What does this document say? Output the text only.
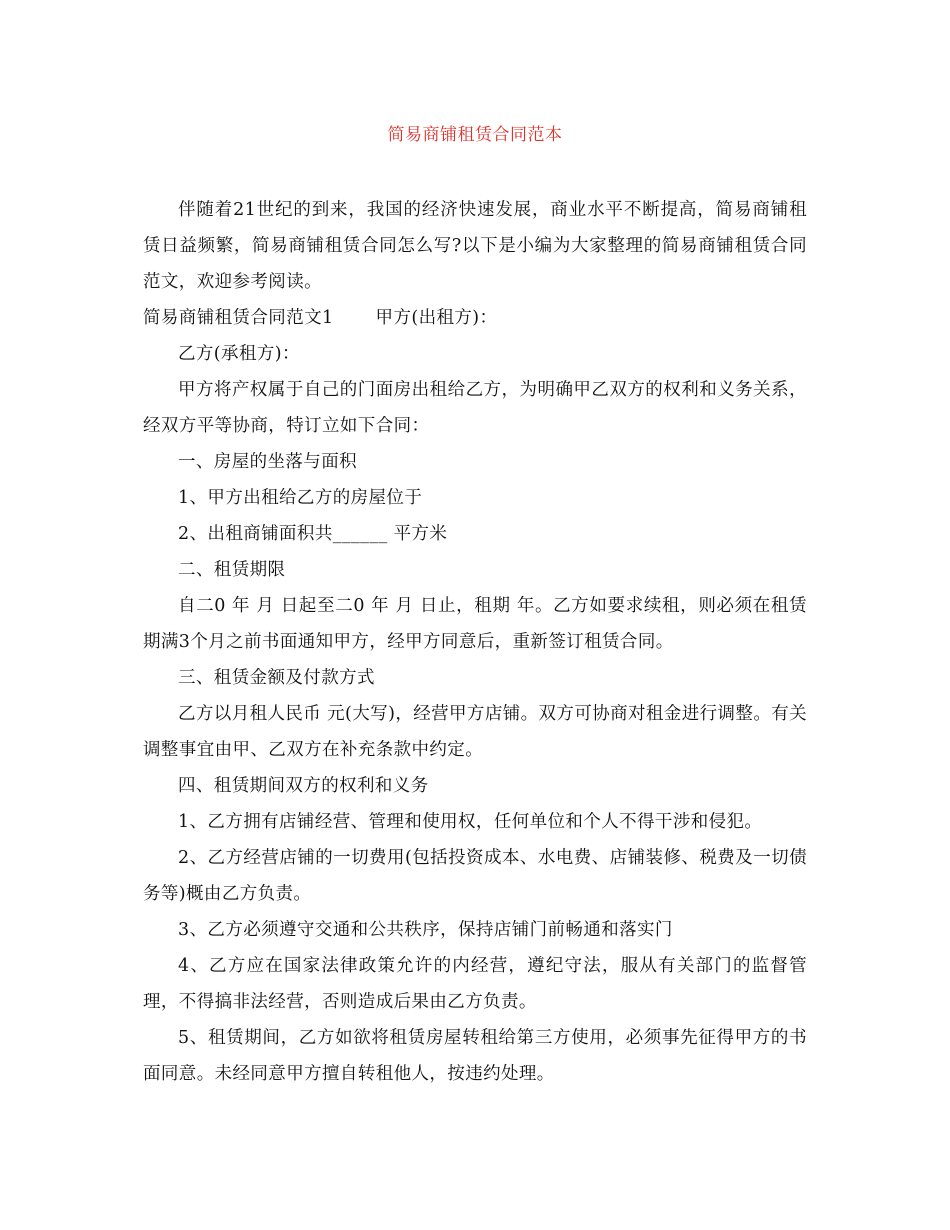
简易商铺租赁合同范本

伴随着21世纪的到来，我国的经济快速发展，商业水平不断提高，简易商铺租赁日益频繁，简易商铺租赁合同怎么写?以下是小编为大家整理的简易商铺租赁合同范文，欢迎参考阅读。

简易商铺租赁合同范文1 甲方(出租方)：

乙方(承租方)：

甲方将产权属于自己的门面房出租给乙方，为明确甲乙双方的权利和义务关系，经双方平等协商，特订立如下合同：

一、房屋的坐落与面积

1、甲方出租给乙方的房屋位于

2、出租商铺面积共______ 平方米

二、租赁期限

自二0 年 月 日起至二0 年 月 日止，租期 年。乙方如要求续租，则必须在租赁期满3个月之前书面通知甲方，经甲方同意后，重新签订租赁合同。

三、租赁金额及付款方式

乙方以月租人民币 元(大写)，经营甲方店铺。双方可协商对租金进行调整。有关调整事宜由甲、乙双方在补充条款中约定。

四、租赁期间双方的权利和义务

1、乙方拥有店铺经营、管理和使用权，任何单位和个人不得干涉和侵犯。

2、乙方经营店铺的一切费用(包括投资成本、水电费、店铺装修、税费及一切债务等)概由乙方负责。

3、乙方必须遵守交通和公共秩序，保持店铺门前畅通和落实门

4、乙方应在国家法律政策允许的内经营，遵纪守法，服从有关部门的监督管理，不得搞非法经营，否则造成后果由乙方负责。

5、租赁期间，乙方如欲将租赁房屋转租给第三方使用，必须事先征得甲方的书面同意。未经同意甲方擅自转租他人，按违约处理。
